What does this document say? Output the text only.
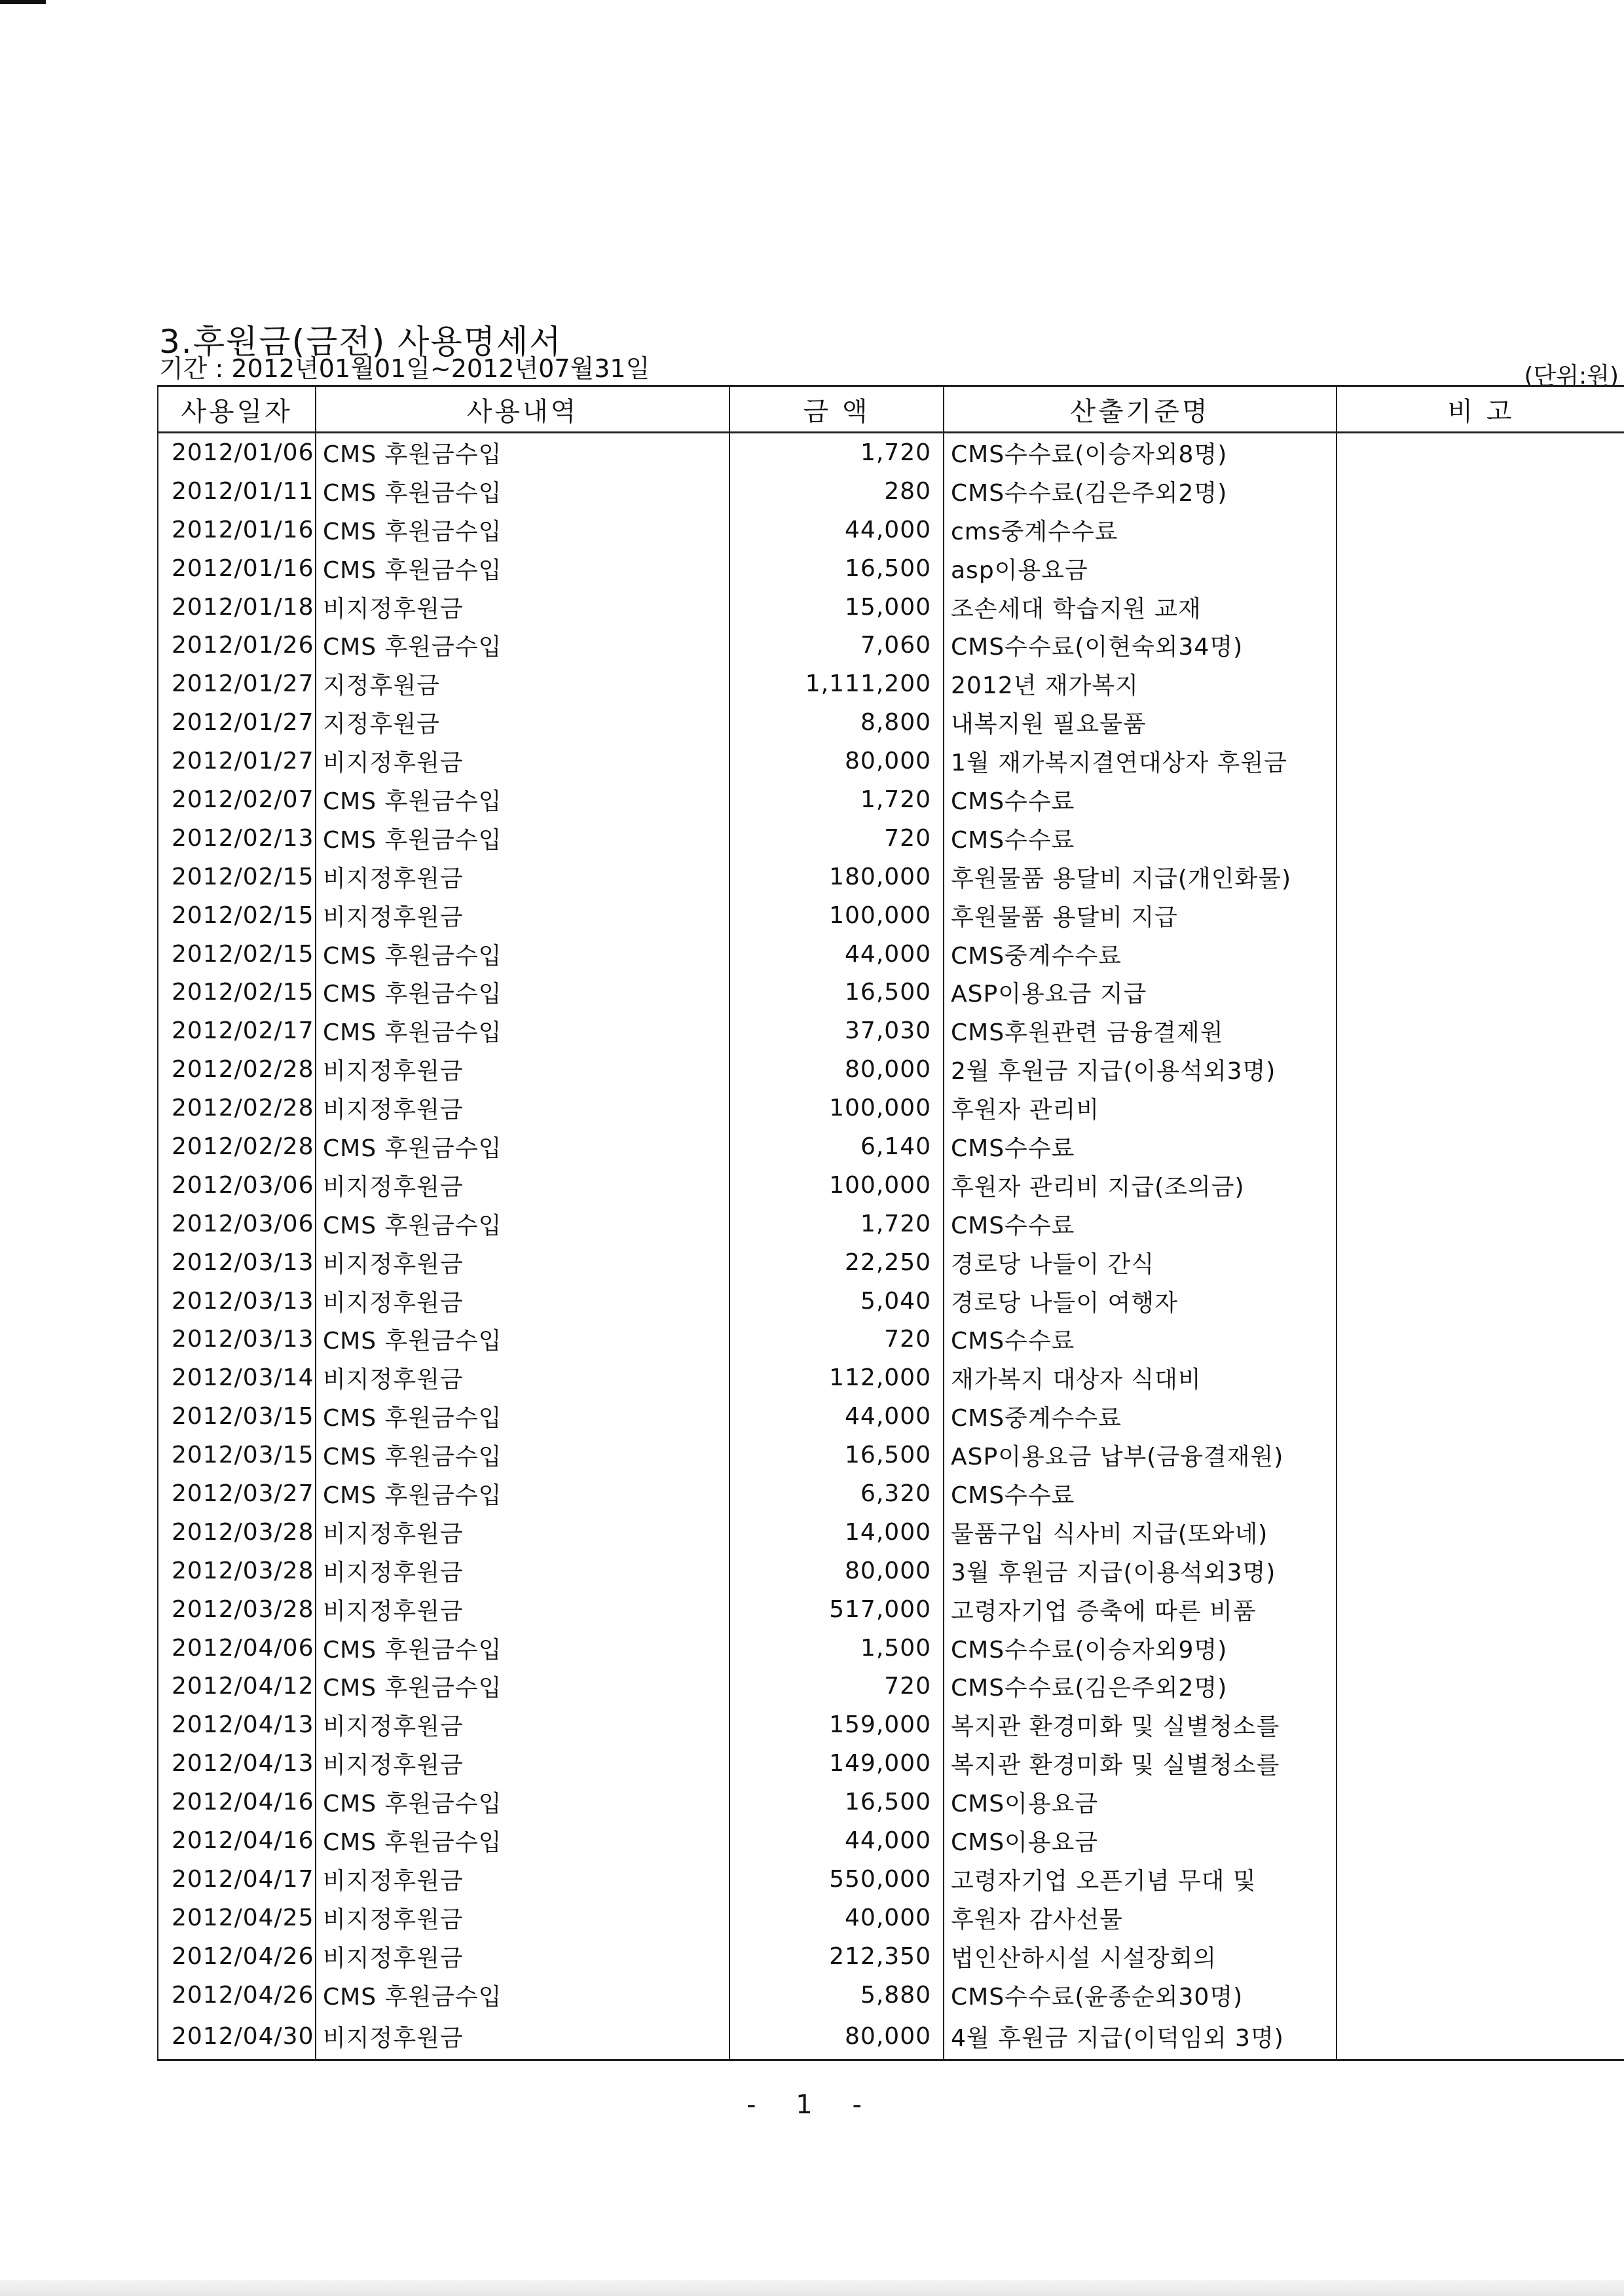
3.후원금(금전) 사용명세서
기간 : 2012년01월01일~2012년07월31일	(단위:원)
사용일자	사용내역	금 액	산출기준명	비 고
2012/01/06	CMS 후원금수입	1,720	CMS수수료(이승자외8명)	
2012/01/11	CMS 후원금수입	280	CMS수수료(김은주외2명)	
2012/01/16	CMS 후원금수입	44,000	cms중계수수료	
2012/01/16	CMS 후원금수입	16,500	asp이용요금	
2012/01/18	비지정후원금	15,000	조손세대 학습지원 교재	
2012/01/26	CMS 후원금수입	7,060	CMS수수료(이현숙외34명)	
2012/01/27	지정후원금	1,111,200	2012년 재가복지	
2012/01/27	지정후원금	8,800	내복지원 필요물품	
2012/01/27	비지정후원금	80,000	1월 재가복지결연대상자 후원금	
2012/02/07	CMS 후원금수입	1,720	CMS수수료	
2012/02/13	CMS 후원금수입	720	CMS수수료	
2012/02/15	비지정후원금	180,000	후원물품 용달비 지급(개인화물)	
2012/02/15	비지정후원금	100,000	후원물품 용달비 지급	
2012/02/15	CMS 후원금수입	44,000	CMS중계수수료	
2012/02/15	CMS 후원금수입	16,500	ASP이용요금 지급	
2012/02/17	CMS 후원금수입	37,030	CMS후원관련 금융결제원	
2012/02/28	비지정후원금	80,000	2월 후원금 지급(이용석외3명)	
2012/02/28	비지정후원금	100,000	후원자 관리비	
2012/02/28	CMS 후원금수입	6,140	CMS수수료	
2012/03/06	비지정후원금	100,000	후원자 관리비 지급(조의금)	
2012/03/06	CMS 후원금수입	1,720	CMS수수료	
2012/03/13	비지정후원금	22,250	경로당 나들이 간식	
2012/03/13	비지정후원금	5,040	경로당 나들이 여행자	
2012/03/13	CMS 후원금수입	720	CMS수수료	
2012/03/14	비지정후원금	112,000	재가복지 대상자 식대비	
2012/03/15	CMS 후원금수입	44,000	CMS중계수수료	
2012/03/15	CMS 후원금수입	16,500	ASP이용요금 납부(금융결재원)	
2012/03/27	CMS 후원금수입	6,320	CMS수수료	
2012/03/28	비지정후원금	14,000	물품구입 식사비 지급(또와네)	
2012/03/28	비지정후원금	80,000	3월 후원금 지급(이용석외3명)	
2012/03/28	비지정후원금	517,000	고령자기업 증축에 따른 비품	
2012/04/06	CMS 후원금수입	1,500	CMS수수료(이승자외9명)	
2012/04/12	CMS 후원금수입	720	CMS수수료(김은주외2명)	
2012/04/13	비지정후원금	159,000	복지관 환경미화 및 실별청소를	
2012/04/13	비지정후원금	149,000	복지관 환경미화 및 실별청소를	
2012/04/16	CMS 후원금수입	16,500	CMS이용요금	
2012/04/16	CMS 후원금수입	44,000	CMS이용요금	
2012/04/17	비지정후원금	550,000	고령자기업 오픈기념 무대 및	
2012/04/25	비지정후원금	40,000	후원자 감사선물	
2012/04/26	비지정후원금	212,350	법인산하시설 시설장회의	
2012/04/26	CMS 후원금수입	5,880	CMS수수료(윤종순외30명)	
2012/04/30	비지정후원금	80,000	4월 후원금 지급(이덕임외 3명)	
- 1 -
